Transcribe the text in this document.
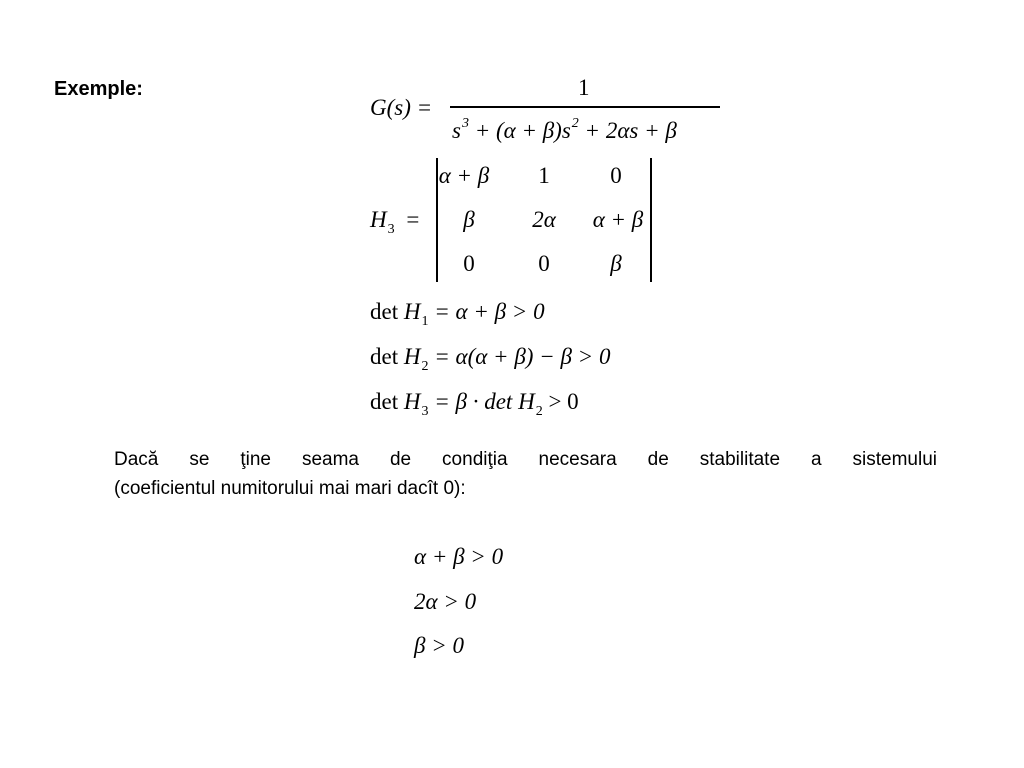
Exemple:
G(s) =
1
$s^3 + (\alpha + \beta)s^2 + 2\alpha s + \beta$
$H_3$ =
α + β	1	0
β	2α	α + β
0	0	β
$\det H_1 = \alpha + \beta > 0$
$\det H_2 = \alpha(\alpha + \beta) - \beta > 0$
$\det H_3 = \beta \cdot \det H_2 > 0$
Dacă se ţine seama de condiţia necesara de stabilitate a sistemului
(coeficientul numitorului mai mari dacît 0):
α + β > 0
2α > 0
β > 0
